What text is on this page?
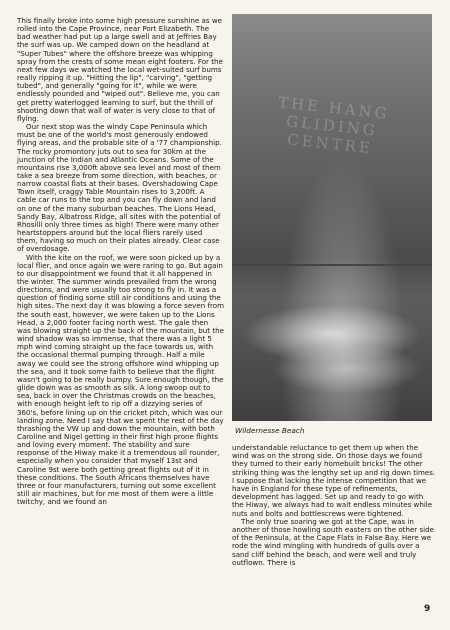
This finally broke into some high pressure sunshine as we rolled into the Cape Province, near Port Elizabeth. The bad weather had put up a large swell and at Jeffries Bay the surf was up. We camped down on the headland at "Super Tubes" where the offshore breeze was whipping spray from the crests of some mean eight footers. For the next few days we watched the local wet-suited surf bums really ripping it up. "Hitting the lip", "carving", "getting tubed", and generally "going for it", while we were endlessly pounded and "wiped out". Believe me, you can get pretty waterlogged learning to surf, but the thrill of shooting down that wall of water is very close to that of flying.

Our next stop was the windy Cape Peninsula which must be one of the world's most generously endowed flying areas, and the probable site of a '77 championship. The rocky promontory juts out to sea for 30km at the junction of the Indian and Atlantic Oceans. Some of the mountains rise 3,000ft above sea level and most of them take a sea breeze from some direction, with beaches, or narrow coastal flats at their bases. Overshadowing Cape Town itself, craggy Table Mountain rises to 3,200ft. A cable car runs to the top and you can fly down and land on one of the many suburban beaches. The Lions Head, Sandy Bay, Albatross Ridge, all sites with the potential of Rhosilli only three times as high! There were many other heartstoppers around but the local fliers rarely used them, having so much on their plates already. Clear case of overdosage.

With the kite on the roof, we were soon picked up by a local flier, and once again we were raring to go. But again to our disappointment we found that it all happened in the winter. The summer winds prevailed from the wrong directions, and were usually too strong to fly in. It was a question of finding some still air conditions and using the high sites. The next day it was blowing a force seven from the south east, however, we were taken up to the Lions Head, a 2,000 footer facing north west. The gale then was blowing straight up the back of the mountain, but the wind shadow was so immense, that there was a light 5 mph wind coming straight up the face towards us, with the occasional thermal pumping through. Half a mile away we could see the strong offshore wind whipping up the sea, and it took some faith to believe that the flight wasn't going to be really bumpy. Sure enough though, the glide down was as smooth as silk. A long swoop out to sea, back in over the Christmas crowds on the beaches, with enough height left to rip off a dizzying series of 360's, before lining up on the cricket pitch, which was our landing zone. Need I say that we spent the rest of the day thrashing the VW up and down the mountain, with both Caroline and Nigel getting in their first high prone flights and loving every moment. The stability and sure response of the Hiway make it a tremendous all rounder, especially when you consider that myself 13st and Caroline 9st were both getting great flights out of it in these conditions. The South Africans themselves have three or four manufacturers, turning out some excellent still air machines, but for me most of them were a little twitchy, and we found an

THE HANG GLIDING CENTRE
Wildernesse Beach

understandable reluctance to get them up when the wind was on the strong side. On those days we found they turned to their early homebuilt bricks! The other striking thing was the lengthy set up and rig down times. I suppose that lacking the intense competition that we have in England for these type of refinements, development has lagged. Set up and ready to go with the Hiway, we always had to wait endless minutes while nuts and bolts and bottlescrews were tightened.

The only true soaring we got at the Cape, was in another of those howling south easters on the other side of the Peninsula, at the Cape Flats in False Bay. Here we rode the wind mingling with hundreds of gulls over a sand cliff behind the beach, and were well and truly outflown. There is

9
